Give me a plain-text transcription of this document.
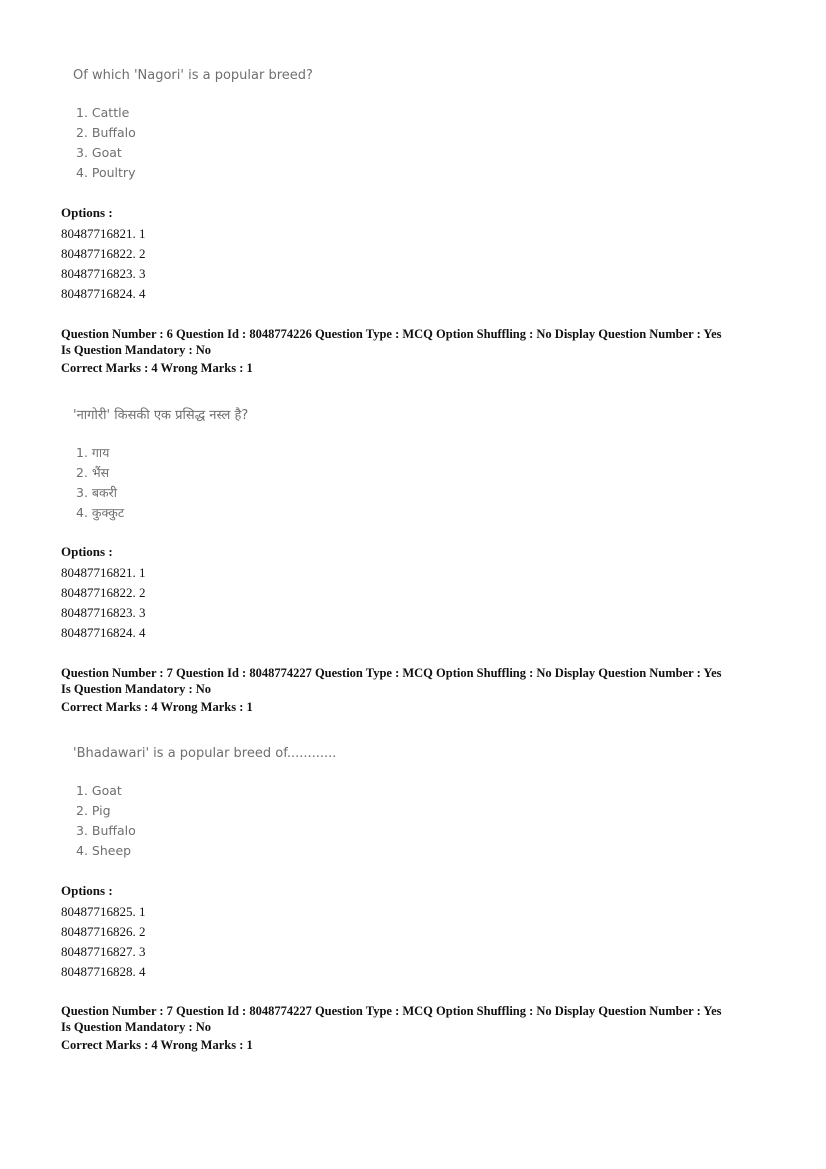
Of which 'Nagori' is a popular breed?
1. Cattle
2. Buffalo
3. Goat
4. Poultry
Options :
80487716821. 1
80487716822. 2
80487716823. 3
80487716824. 4
Question Number : 6 Question Id : 8048774226 Question Type : MCQ Option Shuffling : No Display Question Number : Yes
Is Question Mandatory : No
Correct Marks : 4 Wrong Marks : 1
'नागोरी' किसकी एक प्रसिद्ध नस्ल है?
1. गाय
2. भैंस
3. बकरी
4. कुक्कुट
Options :
80487716821. 1
80487716822. 2
80487716823. 3
80487716824. 4
Question Number : 7 Question Id : 8048774227 Question Type : MCQ Option Shuffling : No Display Question Number : Yes
Is Question Mandatory : No
Correct Marks : 4 Wrong Marks : 1
'Bhadawari' is a popular breed of............
1. Goat
2. Pig
3. Buffalo
4. Sheep
Options :
80487716825. 1
80487716826. 2
80487716827. 3
80487716828. 4
Question Number : 7 Question Id : 8048774227 Question Type : MCQ Option Shuffling : No Display Question Number : Yes
Is Question Mandatory : No
Correct Marks : 4 Wrong Marks : 1
